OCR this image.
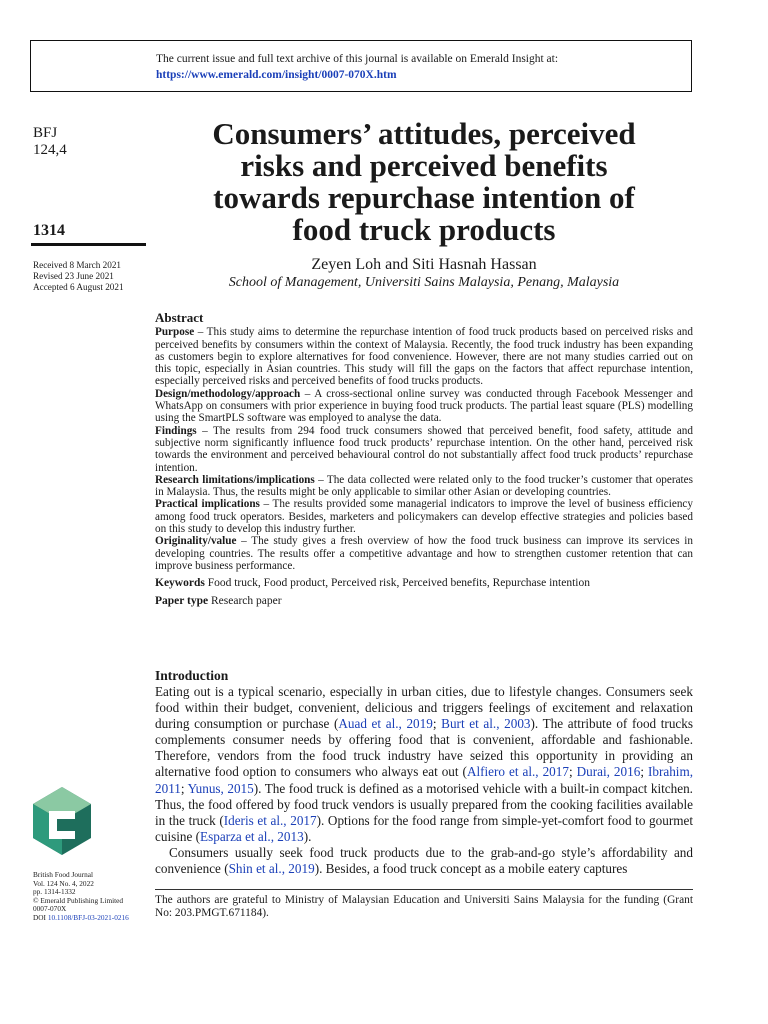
The current issue and full text archive of this journal is available on Emerald Insight at:
https://www.emerald.com/insight/0007-070X.htm
BFJ
124,4
1314
Received 8 March 2021
Revised 23 June 2021
Accepted 6 August 2021
Consumers’ attitudes, perceived
risks and perceived benefits
towards repurchase intention of
food truck products
Zeyen Loh and Siti Hasnah Hassan
School of Management, Universiti Sains Malaysia, Penang, Malaysia
Abstract

Purpose – This study aims to determine the repurchase intention of food truck products based on perceived risks and perceived benefits by consumers within the context of Malaysia. Recently, the food truck industry has been expanding as customers begin to explore alternatives for food convenience. However, there are not many studies carried out on this topic, especially in Asian countries. This study will fill the gaps on the factors that affect repurchase intention, especially perceived risks and perceived benefits of food trucks products.

Design/methodology/approach – A cross-sectional online survey was conducted through Facebook Messenger and WhatsApp on consumers with prior experience in buying food truck products. The partial least square (PLS) modelling using the SmartPLS software was employed to analyse the data.

Findings – The results from 294 food truck consumers showed that perceived benefit, food safety, attitude and subjective norm significantly influence food truck products’ repurchase intention. On the other hand, perceived risk towards the environment and perceived behavioural control do not substantially affect food truck products’ repurchase intention.

Research limitations/implications – The data collected were related only to the food trucker’s customer that operates in Malaysia. Thus, the results might be only applicable to similar other Asian or developing countries.

Practical implications – The results provided some managerial indicators to improve the level of business efficiency among food truck operators. Besides, marketers and policymakers can develop effective strategies and policies based on this study to develop this industry further.

Originality/value – The study gives a fresh overview of how the food truck business can improve its services in developing countries. The results offer a competitive advantage and how to strengthen customer retention that can improve business performance.

Keywords Food truck, Food product, Perceived risk, Perceived benefits, Repurchase intention

Paper type Research paper

Introduction

Eating out is a typical scenario, especially in urban cities, due to lifestyle changes. Consumers seek food within their budget, convenient, delicious and triggers feelings of excitement and relaxation during consumption or purchase (Auad et al., 2019; Burt et al., 2003). The attribute of food trucks complements consumer needs by offering food that is convenient, affordable and fashionable. Therefore, vendors from the food truck industry have seized this opportunity in providing an alternative food option to consumers who always eat out (Alfiero et al., 2017; Durai, 2016; Ibrahim, 2011; Yunus, 2015). The food truck is defined as a motorised vehicle with a built-in compact kitchen. Thus, the food offered by food truck vendors is usually prepared from the cooking facilities available in the truck (Ideris et al., 2017). Options for the food range from simple-yet-comfort food to gourmet cuisine (Esparza et al., 2013).

Consumers usually seek food truck products due to the grab-and-go style’s affordability and convenience (Shin et al., 2019). Besides, a food truck concept as a mobile eatery captures

The authors are grateful to Ministry of Malaysian Education and Universiti Sains Malaysia for the funding (Grant No: 203.PMGT.671184).
British Food Journal
Vol. 124 No. 4, 2022
pp. 1314-1332
© Emerald Publishing Limited
0007-070X
DOI 10.1108/BFJ-03-2021-0216
